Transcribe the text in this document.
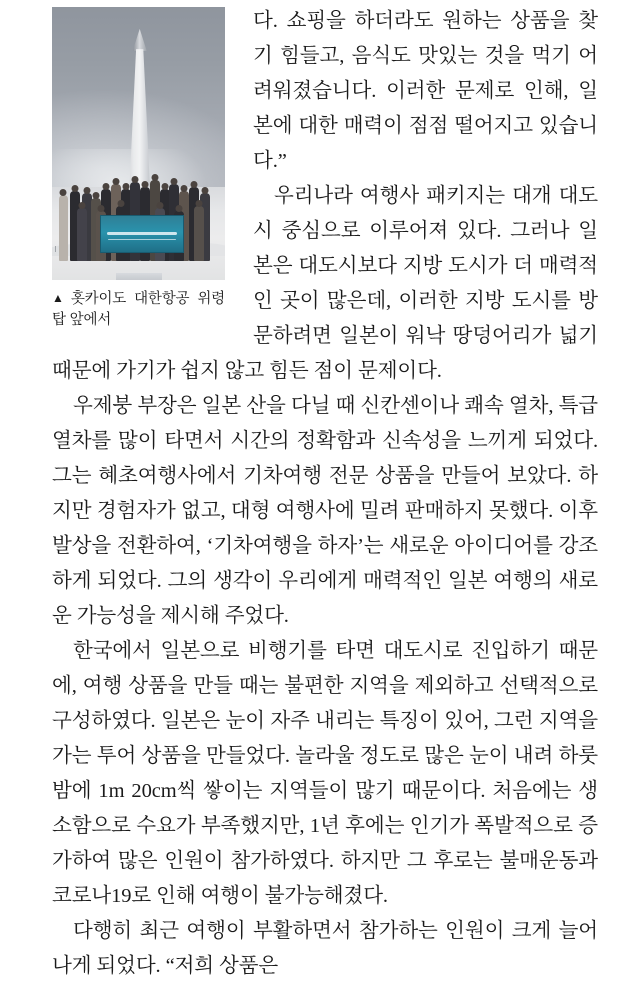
▲ 홋카이도 대한항공 위령탑 앞에서

다. 쇼핑을 하더라도 원하는 상품을 찾기 힘들고, 음식도 맛있는 것을 먹기 어려워졌습니다. 이러한 문제로 인해, 일본에 대한 매력이 점점 떨어지고 있습니다.”

우리나라 여행사 패키지는 대개 대도시 중심으로 이루어져 있다. 그러나 일본은 대도시보다 지방 도시가 더 매력적인 곳이 많은데, 이러한 지방 도시를 방문하려면 일본이 워낙 땅덩어리가 넓기 때문에 가기가 쉽지 않고 힘든 점이 문제이다.

우제붕 부장은 일본 산을 다닐 때 신칸센이나 쾌속 열차, 특급 열차를 많이 타면서 시간의 정확함과 신속성을 느끼게 되었다. 그는 혜초여행사에서 기차여행 전문 상품을 만들어 보았다. 하지만 경험자가 없고, 대형 여행사에 밀려 판매하지 못했다. 이후 발상을 전환하여, ‘기차여행을 하자’는 새로운 아이디어를 강조하게 되었다. 그의 생각이 우리에게 매력적인 일본 여행의 새로운 가능성을 제시해 주었다.

한국에서 일본으로 비행기를 타면 대도시로 진입하기 때문에, 여행 상품을 만들 때는 불편한 지역을 제외하고 선택적으로 구성하였다. 일본은 눈이 자주 내리는 특징이 있어, 그런 지역을 가는 투어 상품을 만들었다. 놀라울 정도로 많은 눈이 내려 하룻밤에 1m 20cm씩 쌓이는 지역들이 많기 때문이다. 처음에는 생소함으로 수요가 부족했지만, 1년 후에는 인기가 폭발적으로 증가하여 많은 인원이 참가하였다. 하지만 그 후로는 불매운동과 코로나19로 인해 여행이 불가능해졌다.

다행히 최근 여행이 부활하면서 참가하는 인원이 크게 늘어나게 되었다. “저희 상품은
